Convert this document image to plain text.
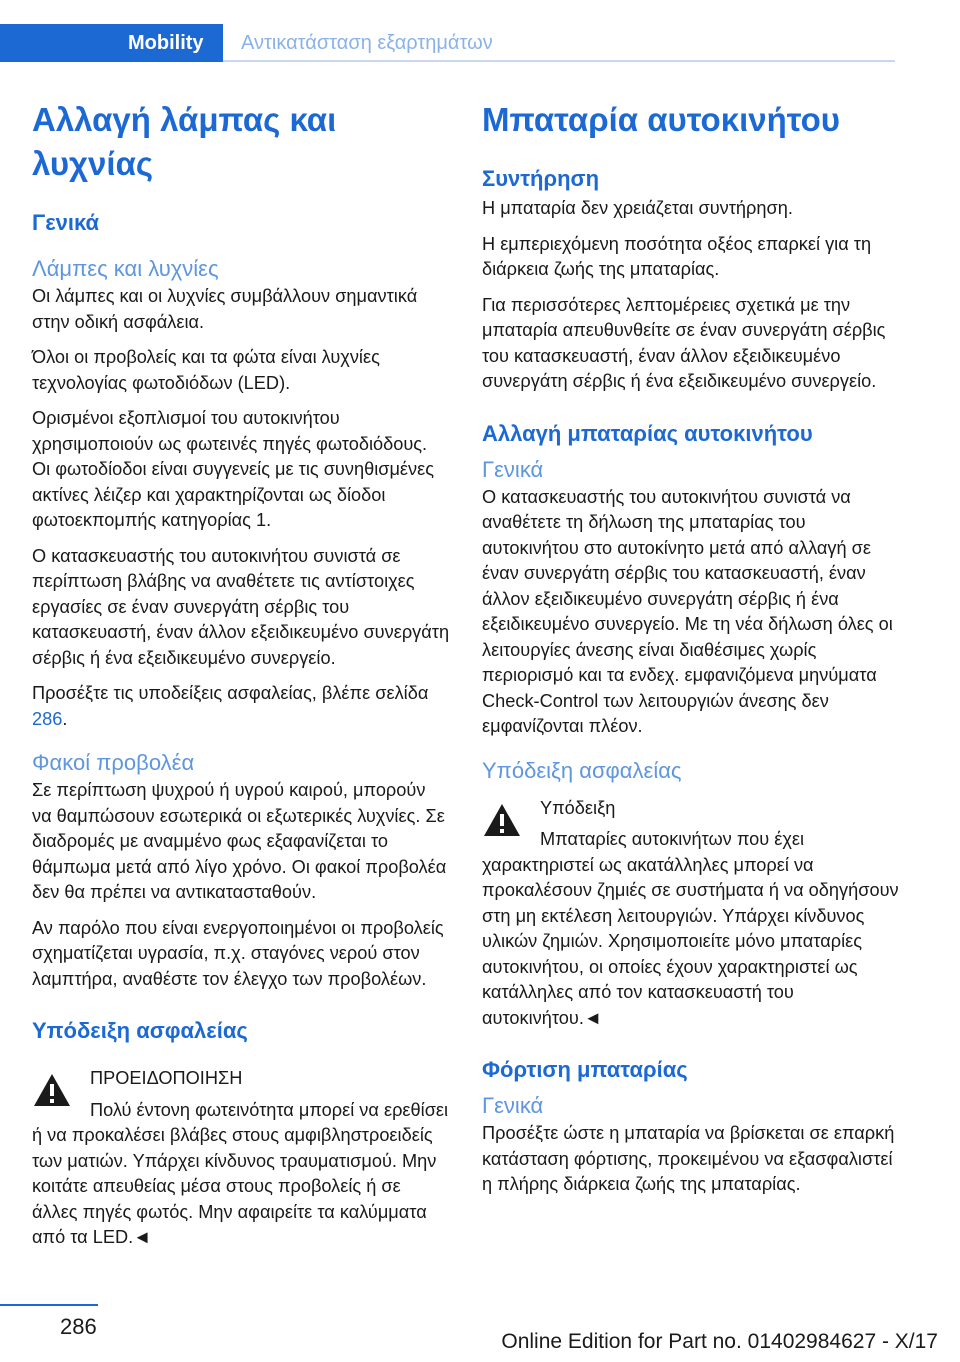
Mobility	Αντικατάσταση εξαρτημάτων
Αλλαγή λάμπας και λυχνίας
Γενικά
Λάμπες και λυχνίες

Οι λάμπες και οι λυχνίες συμβάλλουν σημαντικά στην οδική ασφάλεια.

Όλοι οι προβολείς και τα φώτα είναι λυχνίες τεχνολογίας φωτοδιόδων (LED).

Ορισμένοι εξοπλισμοί του αυτοκινήτου χρησιμοποιούν ως φωτεινές πηγές φωτοδιόδους. Οι φωτοδίοδοι είναι συγγενείς με τις συνηθισμένες ακτίνες λέιζερ και χαρακτηρίζονται ως δίοδοι φωτοεκπομπής κατηγορίας 1.

Ο κατασκευαστής του αυτοκινήτου συνιστά σε περίπτωση βλάβης να αναθέτετε τις αντίστοιχες εργασίες σε έναν συνεργάτη σέρβις του κατασκευαστή, έναν άλλον εξειδικευμένο συνεργάτη σέρβις ή ένα εξειδικευμένο συνεργείο.

Προσέξτε τις υποδείξεις ασφαλείας, βλέπε σελίδα 286.

Φακοί προβολέα

Σε περίπτωση ψυχρού ή υγρού καιρού, μπορούν να θαμπώσουν εσωτερικά οι εξωτερικές λυχνίες. Σε διαδρομές με αναμμένο φως εξαφανίζεται το θάμπωμα μετά από λίγο χρόνο. Οι φακοί προβολέα δεν θα πρέπει να αντικατασταθούν.

Αν παρόλο που είναι ενεργοποιημένοι οι προβολείς σχηματίζεται υγρασία, π.χ. σταγόνες νερού στον λαμπτήρα, αναθέστε τον έλεγχο των προβολέων.

Υπόδειξη ασφαλείας
ΠΡΟΕΙΔΟΠΟΙΗΣΗ
Πολύ έντονη φωτεινότητα μπορεί να ερεθίσει ή να προκαλέσει βλάβες στους αμφιβληστροειδείς των ματιών. Υπάρχει κίνδυνος τραυματισμού. Μην κοιτάτε απευθείας μέσα στους προβολείς ή σε άλλες πηγές φωτός. Μην αφαιρείτε τα καλύμματα από τα LED.◄
Μπαταρία αυτοκινήτου
Συντήρηση

Η μπαταρία δεν χρειάζεται συντήρηση.

Η εμπεριεχόμενη ποσότητα οξέος επαρκεί για τη διάρκεια ζωής της μπαταρίας.

Για περισσότερες λεπτομέρειες σχετικά με την μπαταρία απευθυνθείτε σε έναν συνεργάτη σέρβις του κατασκευαστή, έναν άλλον εξειδικευμένο συνεργάτη σέρβις ή ένα εξειδικευμένο συνεργείο.

Αλλαγή μπαταρίας αυτοκινήτου
Γενικά

Ο κατασκευαστής του αυτοκινήτου συνιστά να αναθέτετε τη δήλωση της μπαταρίας του αυτοκινήτου στο αυτοκίνητο μετά από αλλαγή σε έναν συνεργάτη σέρβις του κατασκευαστή, έναν άλλον εξειδικευμένο συνεργάτη σέρβις ή ένα εξειδικευμένο συνεργείο. Με τη νέα δήλωση όλες οι λειτουργίες άνεσης είναι διαθέσιμες χωρίς περιορισμό και τα ενδεχ. εμφανιζόμενα μηνύματα Check-Control των λειτουργιών άνεσης δεν εμφανίζονται πλέον.

Υπόδειξη ασφαλείας
Υπόδειξη
Μπαταρίες αυτοκινήτων που έχει χαρακτηριστεί ως ακατάλληλες μπορεί να προκαλέσουν ζημιές σε συστήματα ή να οδηγήσουν στη μη εκτέλεση λειτουργιών. Υπάρχει κίνδυνος υλικών ζημιών. Χρησιμοποιείτε μόνο μπαταρίες αυτοκινήτου, οι οποίες έχουν χαρακτηριστεί ως κατάλληλες από τον κατασκευαστή του αυτοκινήτου.◄
Φόρτιση μπαταρίας
Γενικά

Προσέξτε ώστε η μπαταρία να βρίσκεται σε επαρκή κατάσταση φόρτισης, προκειμένου να εξασφαλιστεί η πλήρης διάρκεια ζωής της μπαταρίας.

286
Online Edition for Part no. 01402984627 - X/17
